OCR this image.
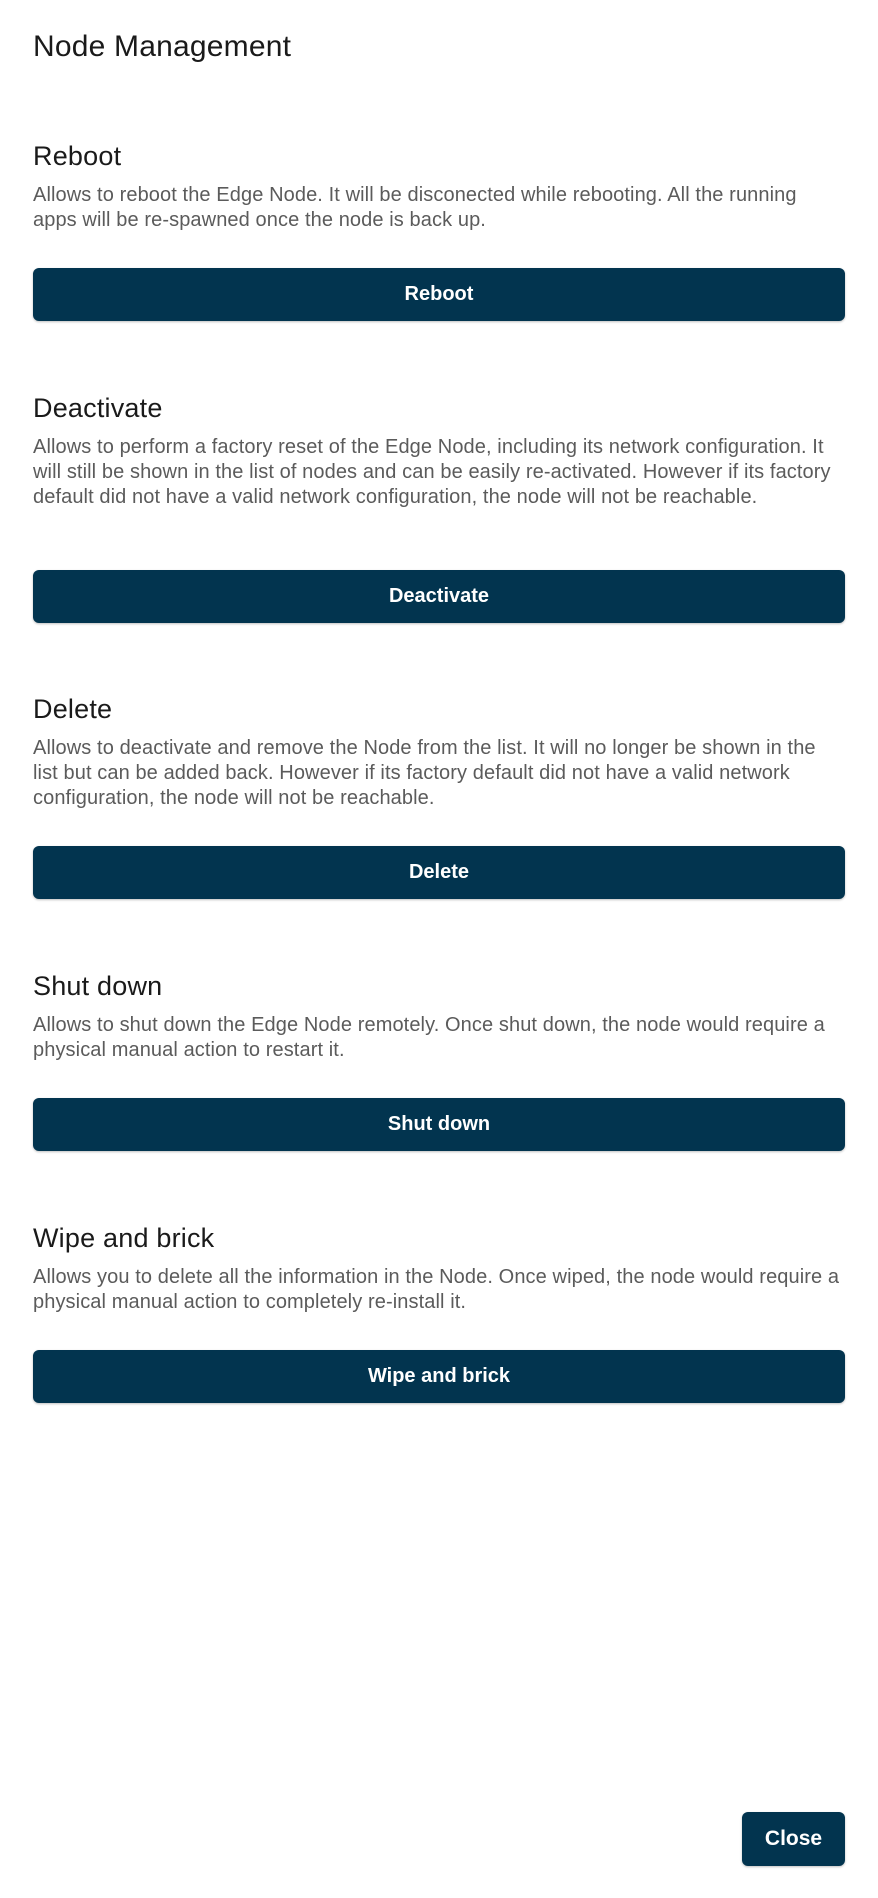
Node Management
Reboot

Allows to reboot the Edge Node. It will be disconected while rebooting. All the running apps will be re-spawned once the node is back up.

Reboot
Deactivate

Allows to perform a factory reset of the Edge Node, including its network configuration. It will still be shown in the list of nodes and can be easily re-activated. However if its factory default did not have a valid network configuration, the node will not be reachable.

Deactivate
Delete

Allows to deactivate and remove the Node from the list. It will no longer be shown in the list but can be added back. However if its factory default did not have a valid network configuration, the node will not be reachable.

Delete
Shut down

Allows to shut down the Edge Node remotely. Once shut down, the node would require a physical manual action to restart it.

Shut down
Wipe and brick

Allows you to delete all the information in the Node. Once wiped, the node would require a physical manual action to completely re-install it.

Wipe and brick
Close
